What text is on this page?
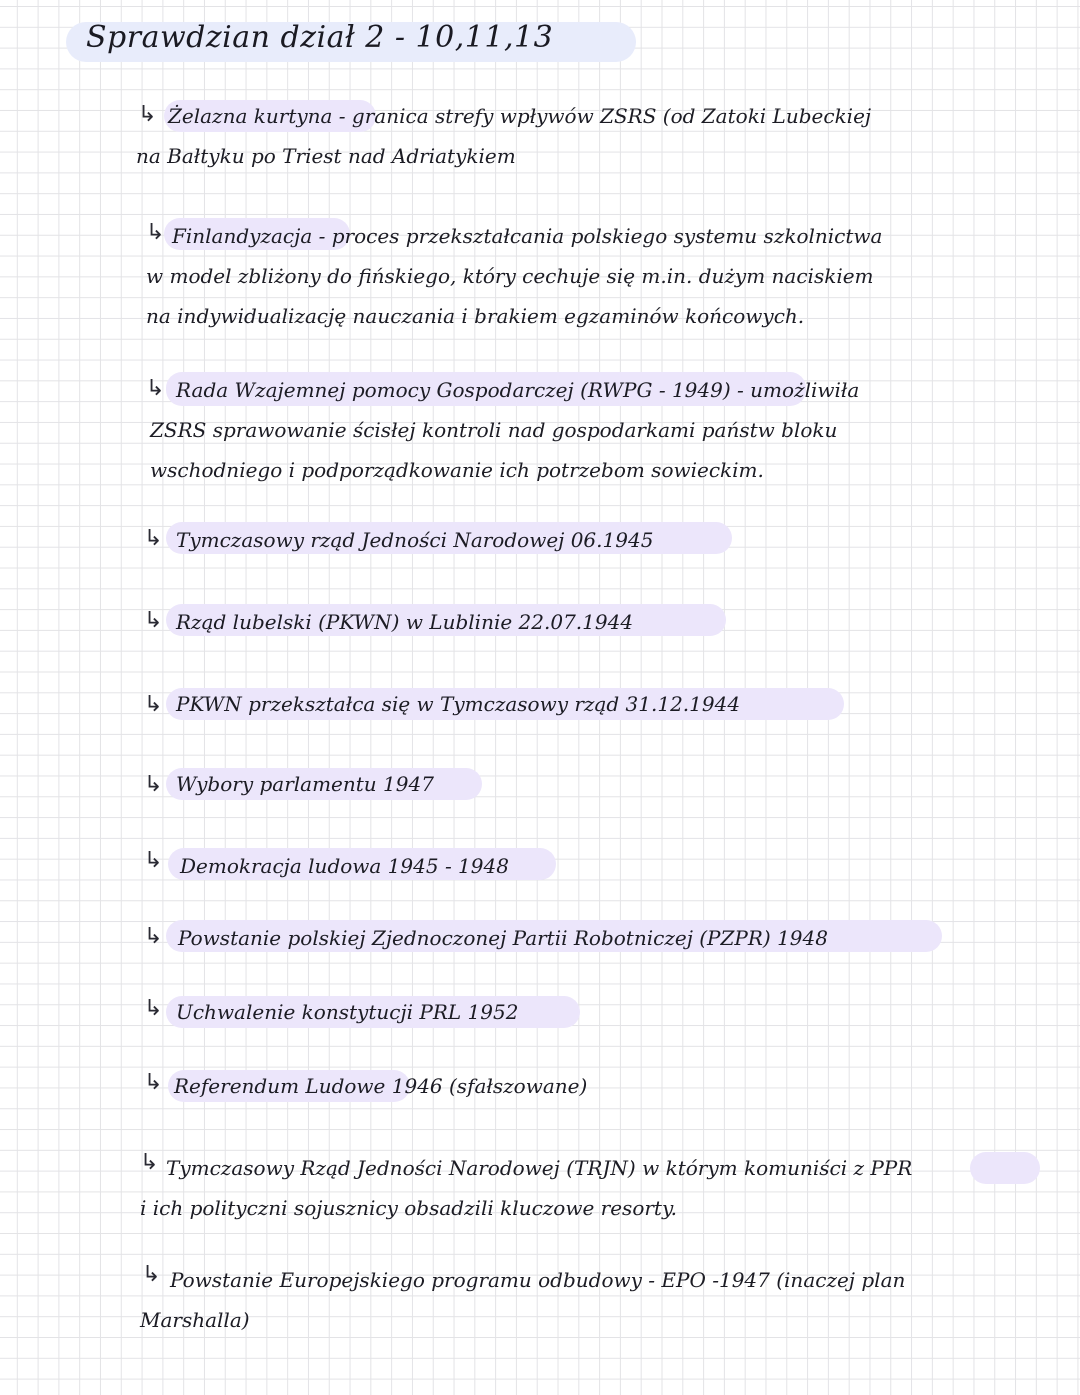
Sprawdzian dział 2 - 10,11,13
↳ Żelazna kurtyna - granica strefy wpływów ZSRS (od Zatoki Lubeckiej
na Bałtyku po Triest nad Adriatykiem
↳ Finlandyzacja - proces przekształcania polskiego systemu szkolnictwa
w model zbliżony do fińskiego, który cechuje się m.in. dużym naciskiem
na indywidualizację nauczania i brakiem egzaminów końcowych.
↳ Rada Wzajemnej pomocy Gospodarczej (RWPG - 1949) - umożliwiła
ZSRS sprawowanie ścisłej kontroli nad gospodarkami państw bloku
wschodniego i podporządkowanie ich potrzebom sowieckim.
↳ Tymczasowy rząd Jedności Narodowej 06.1945
↳ Rząd lubelski (PKWN) w Lublinie 22.07.1944
↳ PKWN przekształca się w Tymczasowy rząd 31.12.1944
↳ Wybory parlamentu 1947
↳ Demokracja ludowa 1945 - 1948
↳ Powstanie polskiej Zjednoczonej Partii Robotniczej (PZPR) 1948
↳ Uchwalenie konstytucji PRL 1952
↳ Referendum Ludowe 1946 (sfałszowane)
↳ Tymczasowy Rząd Jedności Narodowej (TRJN) w którym komuniści z PPR
i ich polityczni sojusznicy obsadzili kluczowe resorty.
↳ Powstanie Europejskiego programu odbudowy - EPO -1947 (inaczej plan
Marshalla)
